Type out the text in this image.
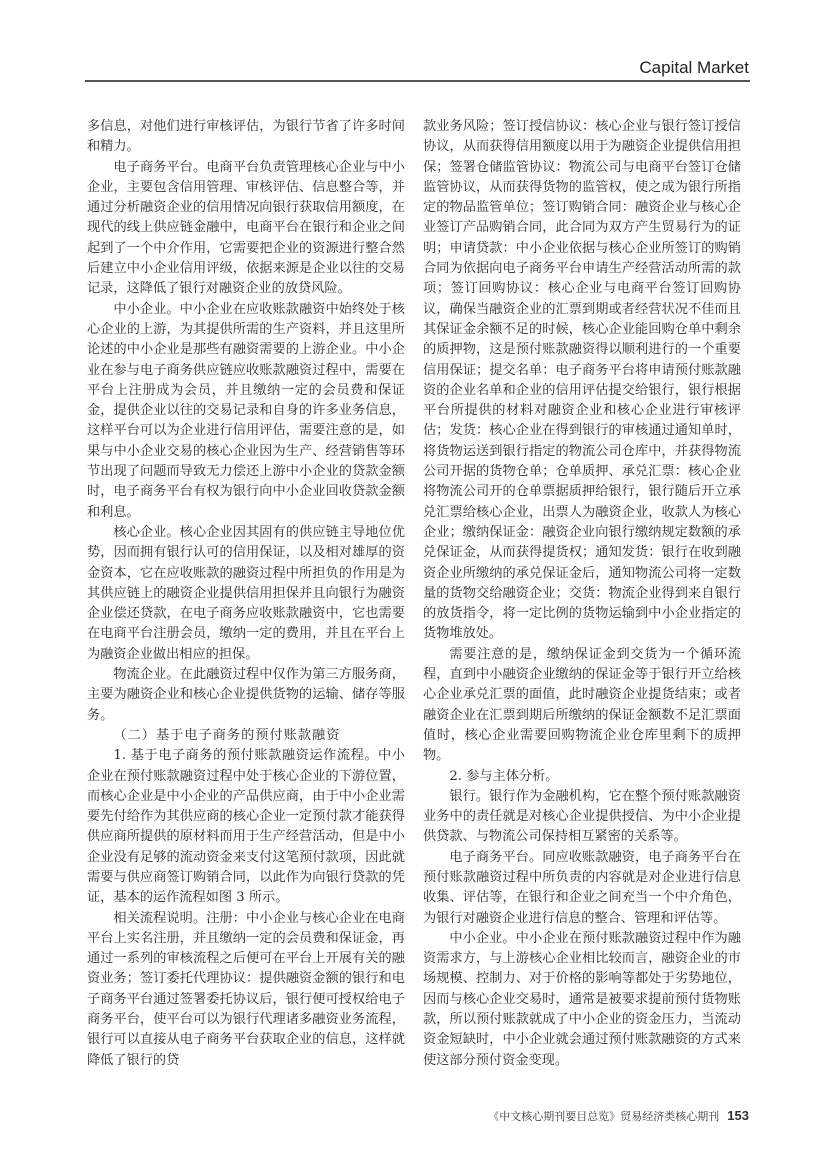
Capital Market

多信息，对他们进行审核评估，为银行节省了许多时间和精力。

电子商务平台。电商平台负责管理核心企业与中小企业，主要包含信用管理、审核评估、信息整合等，并通过分析融资企业的信用情况向银行获取信用额度，在现代的线上供应链金融中，电商平台在银行和企业之间起到了一个中介作用，它需要把企业的资源进行整合然后建立中小企业信用评级，依据来源是企业以往的交易记录，这降低了银行对融资企业的放贷风险。

中小企业。中小企业在应收账款融资中始终处于核心企业的上游，为其提供所需的生产资料，并且这里所论述的中小企业是那些有融资需要的上游企业。中小企业在参与电子商务供应链应收账款融资过程中，需要在平台上注册成为会员，并且缴纳一定的会员费和保证金，提供企业以往的交易记录和自身的许多业务信息，这样平台可以为企业进行信用评估，需要注意的是，如果与中小企业交易的核心企业因为生产、经营销售等环节出现了问题而导致无力偿还上游中小企业的贷款金额时，电子商务平台有权为银行向中小企业回收贷款金额和利息。

核心企业。核心企业因其固有的供应链主导地位优势，因而拥有银行认可的信用保证，以及相对雄厚的资金资本，它在应收账款的融资过程中所担负的作用是为其供应链上的融资企业提供信用担保并且向银行为融资企业偿还贷款，在电子商务应收账款融资中，它也需要在电商平台注册会员，缴纳一定的费用，并且在平台上为融资企业做出相应的担保。

物流企业。在此融资过程中仅作为第三方服务商，主要为融资企业和核心企业提供货物的运输、储存等服务。

（二）基于电子商务的预付账款融资

1. 基于电子商务的预付账款融资运作流程。中小企业在预付账款融资过程中处于核心企业的下游位置，而核心企业是中小企业的产品供应商，由于中小企业需要先付给作为其供应商的核心企业一定预付款才能获得供应商所提供的原材料而用于生产经营活动，但是中小企业没有足够的流动资金来支付这笔预付款项，因此就需要与供应商签订购销合同，以此作为向银行贷款的凭证，基本的运作流程如图 3 所示。

相关流程说明。注册：中小企业与核心企业在电商平台上实名注册，并且缴纳一定的会员费和保证金，再通过一系列的审核流程之后便可在平台上开展有关的融资业务；签订委托代理协议：提供融资金额的银行和电子商务平台通过签署委托协议后，银行便可授权给电子商务平台，使平台可以为银行代理诸多融资业务流程，银行可以直接从电子商务平台获取企业的信息，这样就降低了银行的贷

款业务风险；签订授信协议：核心企业与银行签订授信协议，从而获得信用额度以用于为融资企业提供信用担保；签署仓储监管协议：物流公司与电商平台签订仓储监管协议，从而获得货物的监管权，使之成为银行所指定的物品监管单位；签订购销合同：融资企业与核心企业签订产品购销合同，此合同为双方产生贸易行为的证明；申请贷款：中小企业依据与核心企业所签订的购销合同为依据向电子商务平台申请生产经营活动所需的款项；签订回购协议：核心企业与电商平台签订回购协议，确保当融资企业的汇票到期或者经营状况不佳而且其保证金余额不足的时候，核心企业能回购仓单中剩余的质押物，这是预付账款融资得以顺利进行的一个重要信用保证；提交名单：电子商务平台将申请预付账款融资的企业名单和企业的信用评估提交给银行，银行根据平台所提供的材料对融资企业和核心企业进行审核评估；发货：核心企业在得到银行的审核通过通知单时，将货物运送到银行指定的物流公司仓库中，并获得物流公司开据的货物仓单；仓单质押、承兑汇票：核心企业将物流公司开的仓单票据质押给银行，银行随后开立承兑汇票给核心企业，出票人为融资企业，收款人为核心企业；缴纳保证金：融资企业向银行缴纳规定数额的承兑保证金，从而获得提货权；通知发货：银行在收到融资企业所缴纳的承兑保证金后，通知物流公司将一定数量的货物交给融资企业；交货：物流企业得到来自银行的放货指令，将一定比例的货物运输到中小企业指定的货物堆放处。

需要注意的是，缴纳保证金到交货为一个循环流程，直到中小融资企业缴纳的保证金等于银行开立给核心企业承兑汇票的面值，此时融资企业提货结束；或者融资企业在汇票到期后所缴纳的保证金额数不足汇票面值时，核心企业需要回购物流企业仓库里剩下的质押物。

2. 参与主体分析。

银行。银行作为金融机构，它在整个预付账款融资业务中的责任就是对核心企业提供授信、为中小企业提供贷款、与物流公司保持相互紧密的关系等。

电子商务平台。同应收账款融资，电子商务平台在预付账款融资过程中所负责的内容就是对企业进行信息收集、评估等，在银行和企业之间充当一个中介角色，为银行对融资企业进行信息的整合、管理和评估等。

中小企业。中小企业在预付账款融资过程中作为融资需求方，与上游核心企业相比较而言，融资企业的市场规模、控制力、对于价格的影响等都处于劣势地位，因而与核心企业交易时，通常是被要求提前预付货物账款，所以预付账款就成了中小企业的资金压力，当流动资金短缺时，中小企业就会通过预付账款融资的方式来使这部分预付资金变现。

《中文核心期刊要目总览》贸易经济类核心期刊 153
